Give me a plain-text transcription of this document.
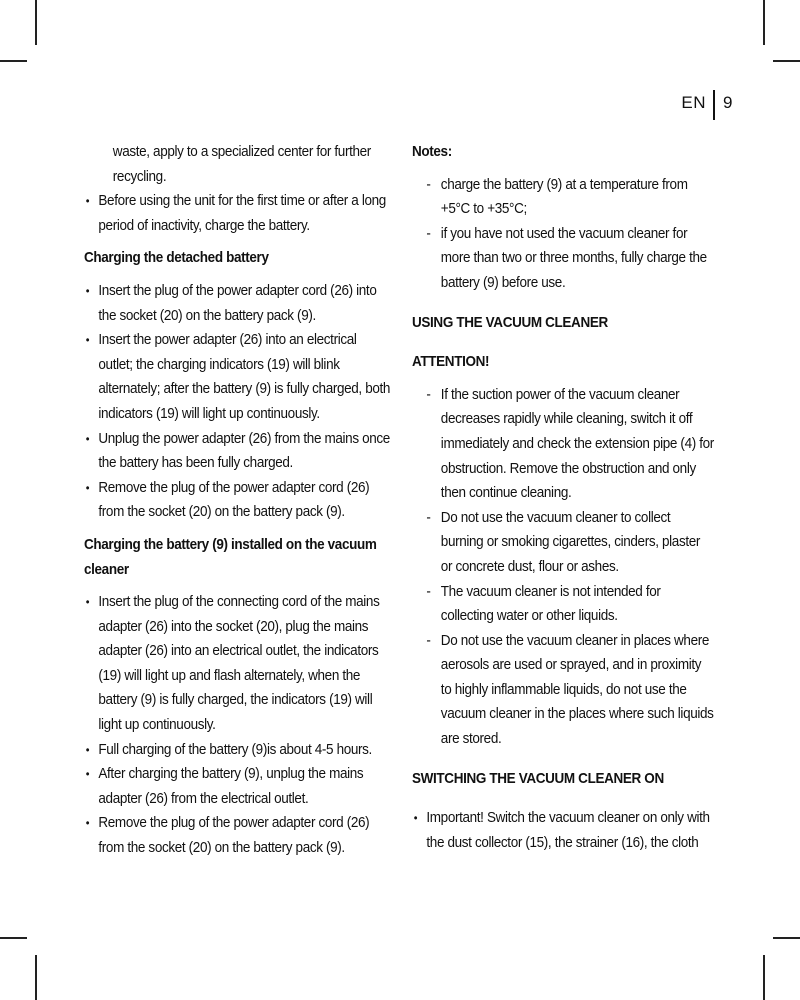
EN 9

waste, apply to a specialized center for further recycling.

• Before using the unit for the first time or after a long period of inactivity, charge the battery.

Charging the detached battery

• Insert the plug of the power adapter cord (26) into the socket (20) on the battery pack (9).
• Insert the power adapter (26) into an electrical outlet; the charging indicators (19) will blink alternately; after the battery (9) is fully charged, both indicators (19) will light up continuously.
• Unplug the power adapter (26) from the mains once the battery has been fully charged.
• Remove the plug of the power adapter cord (26) from the socket (20) on the battery pack (9).

Charging the battery (9) installed on the vacuum cleaner

• Insert the plug of the connecting cord of the mains adapter (26) into the socket (20), plug the mains adapter (26) into an electrical outlet, the indicators (19) will light up and flash alternately, when the battery (9) is fully charged, the indicators (19) will light up continuously.
• Full charging of the battery (9)is about 4-5 hours.
• After charging the battery (9), unplug the mains adapter (26) from the electrical outlet.
• Remove the plug of the power adapter cord (26) from the socket (20) on the battery pack (9).

Notes:

- charge the battery (9) at a temperature from +5°C to +35°C;
- if you have not used the vacuum cleaner for more than two or three months, fully charge the battery (9) before use.

USING THE VACUUM CLEANER

ATTENTION!

- If the suction power of the vacuum cleaner decreases rapidly while cleaning, switch it off immediately and check the extension pipe (4) for obstruction. Remove the obstruction and only then continue cleaning.
- Do not use the vacuum cleaner to collect burning or smoking cigarettes, cinders, plaster or concrete dust, flour or ashes.
- The vacuum cleaner is not intended for collecting water or other liquids.
- Do not use the vacuum cleaner in places where aerosols are used or sprayed, and in proximity to highly inflammable liquids, do not use the vacuum cleaner in the places where such liquids are stored.

SWITCHING THE VACUUM CLEANER ON

• Important! Switch the vacuum cleaner on only with the dust collector (15), the strainer (16), the cloth
